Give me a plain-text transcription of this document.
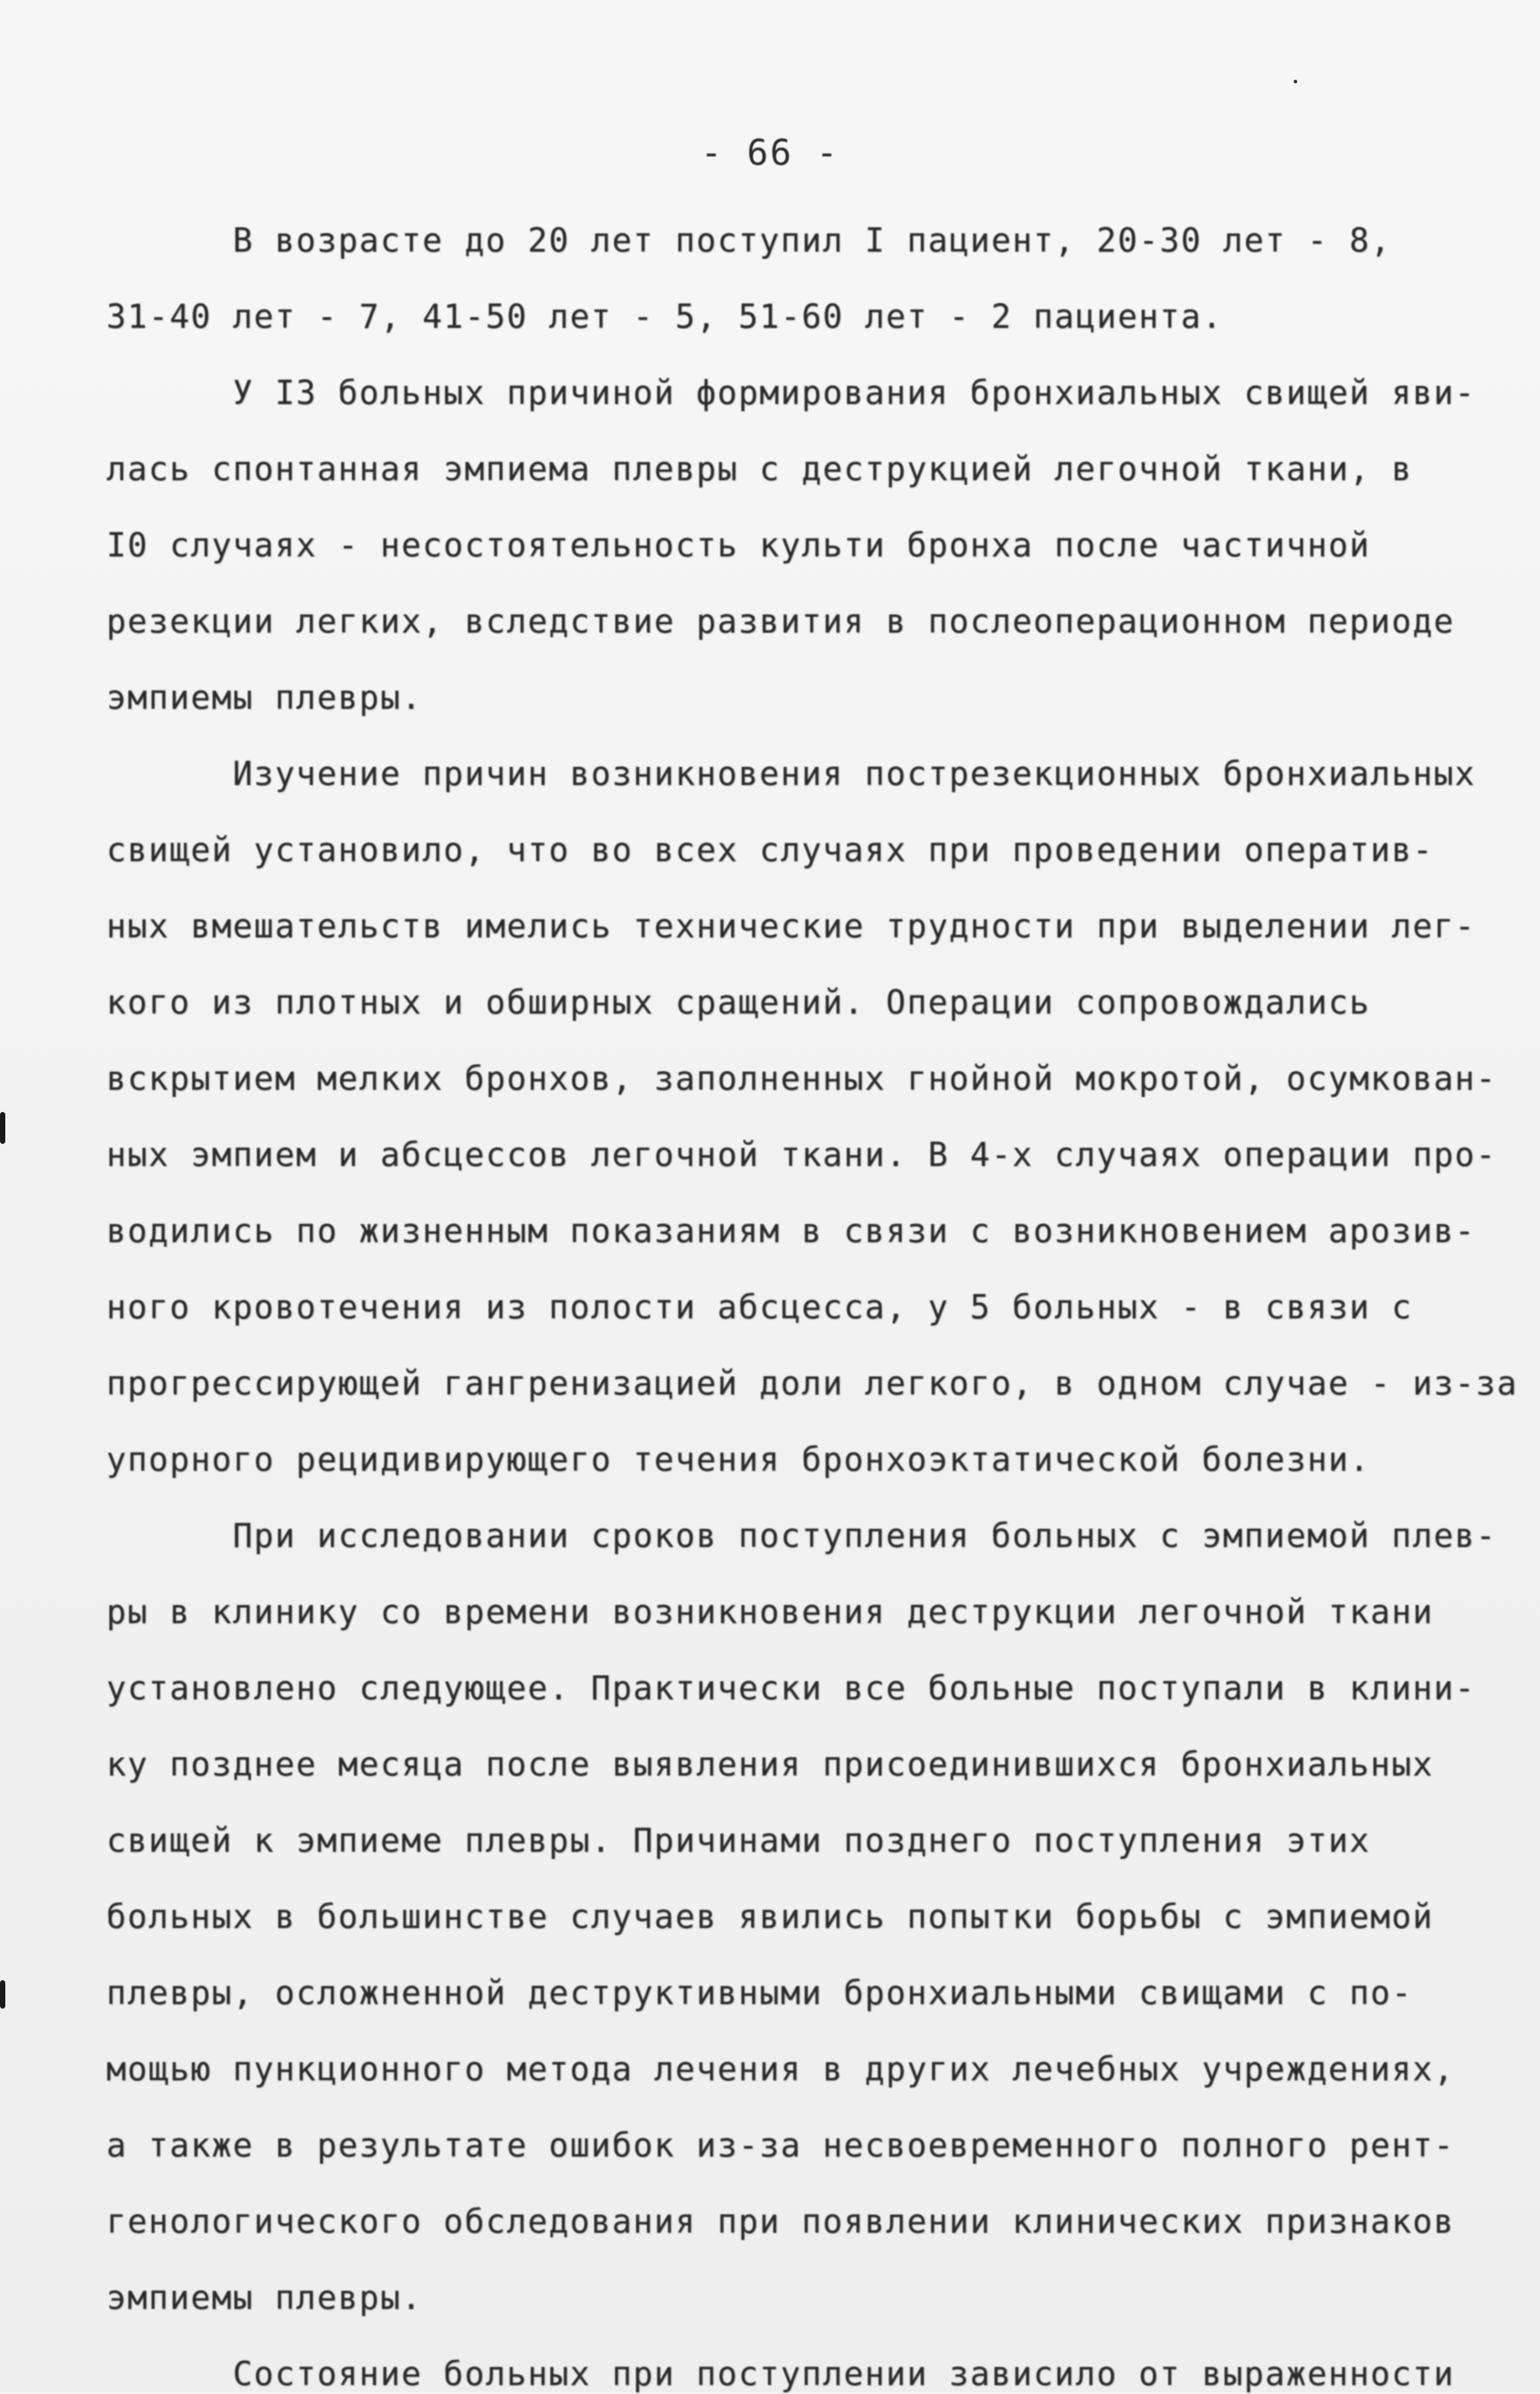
- 66 -
В возрасте до 20 лет поступил I пациент, 20-30 лет - 8,
31-40 лет - 7, 41-50 лет - 5, 51-60 лет - 2 пациента.
У I3 больных причиной формирования бронхиальных свищей яви-
лась спонтанная эмпиема плевры с деструкцией легочной ткани, в
I0 случаях - несостоятельность культи бронха после частичной
резекции легких, вследствие развития в послеоперационном периоде
эмпиемы плевры.
Изучение причин возникновения пострезекционных бронхиальных
свищей установило, что во всех случаях при проведении оператив-
ных вмешательств имелись технические трудности при выделении лег-
кого из плотных и обширных сращений. Операции сопровождались
вскрытием мелких бронхов, заполненных гнойной мокротой, осумкован-
ных эмпием и абсцессов легочной ткани. В 4-х случаях операции про-
водились по жизненным показаниям в связи с возникновением арозив-
ного кровотечения из полости абсцесса, у 5 больных - в связи с
прогрессирующей гангренизацией доли легкого, в одном случае - из-за
упорного рецидивирующего течения бронхоэктатической болезни.
При исследовании сроков поступления больных с эмпиемой плев-
ры в клинику со времени возникновения деструкции легочной ткани
установлено следующее. Практически все больные поступали в клини-
ку позднее месяца после выявления присоединившихся бронхиальных
свищей к эмпиеме плевры. Причинами позднего поступления этих
больных в большинстве случаев явились попытки борьбы с эмпиемой
плевры, осложненной деструктивными бронхиальными свищами с по-
мощью пункционного метода лечения в других лечебных учреждениях,
а также в результате ошибок из-за несвоевременного полного рент-
генологического обследования при появлении клинических признаков
эмпиемы плевры.
Состояние больных при поступлении зависило от выраженности
